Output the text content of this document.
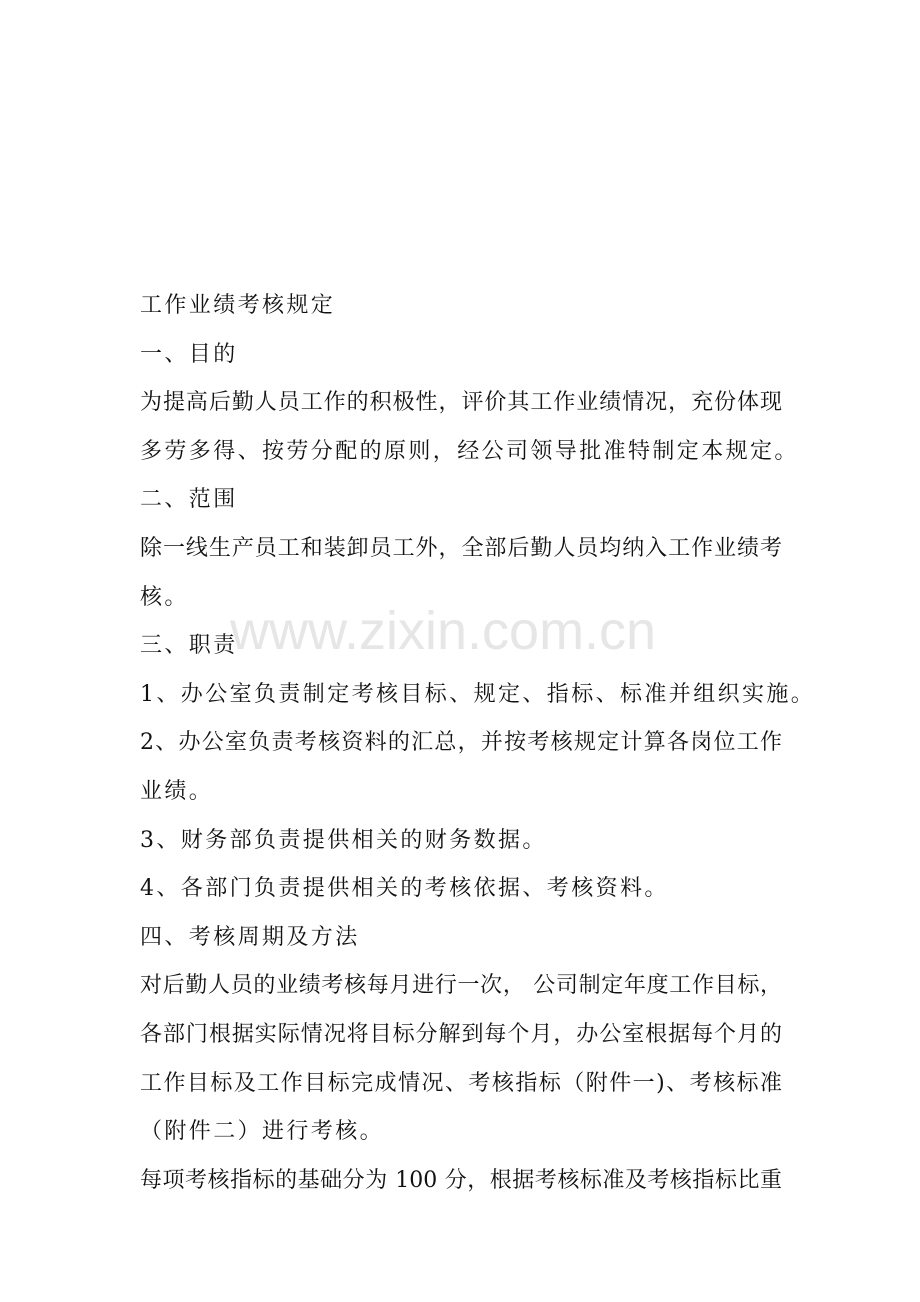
工作业绩考核规定
一、目的
为提高后勤人员工作的积极性，评价其工作业绩情况，充份体现
多劳多得、按劳分配的原则，经公司领导批准特制定本规定。
二、范围
除一线生产员工和装卸员工外，全部后勤人员均纳入工作业绩考
核。
三、职责
1、办公室负责制定考核目标、规定、指标、标准并组织实施。
2、办公室负责考核资料的汇总，并按考核规定计算各岗位工作
业绩。
3、财务部负责提供相关的财务数据。
4、各部门负责提供相关的考核依据、考核资料。
四、考核周期及方法
对后勤人员的业绩考核每月进行一次， 公司制定年度工作目标，
各部门根据实际情况将目标分解到每个月，办公室根据每个月的
工作目标及工作目标完成情况、考核指标（附件一)、考核标准
（附件二）进行考核。
每项考核指标的基础分为 100 分，根据考核标准及考核指标比重
www.zixin.com.cn
